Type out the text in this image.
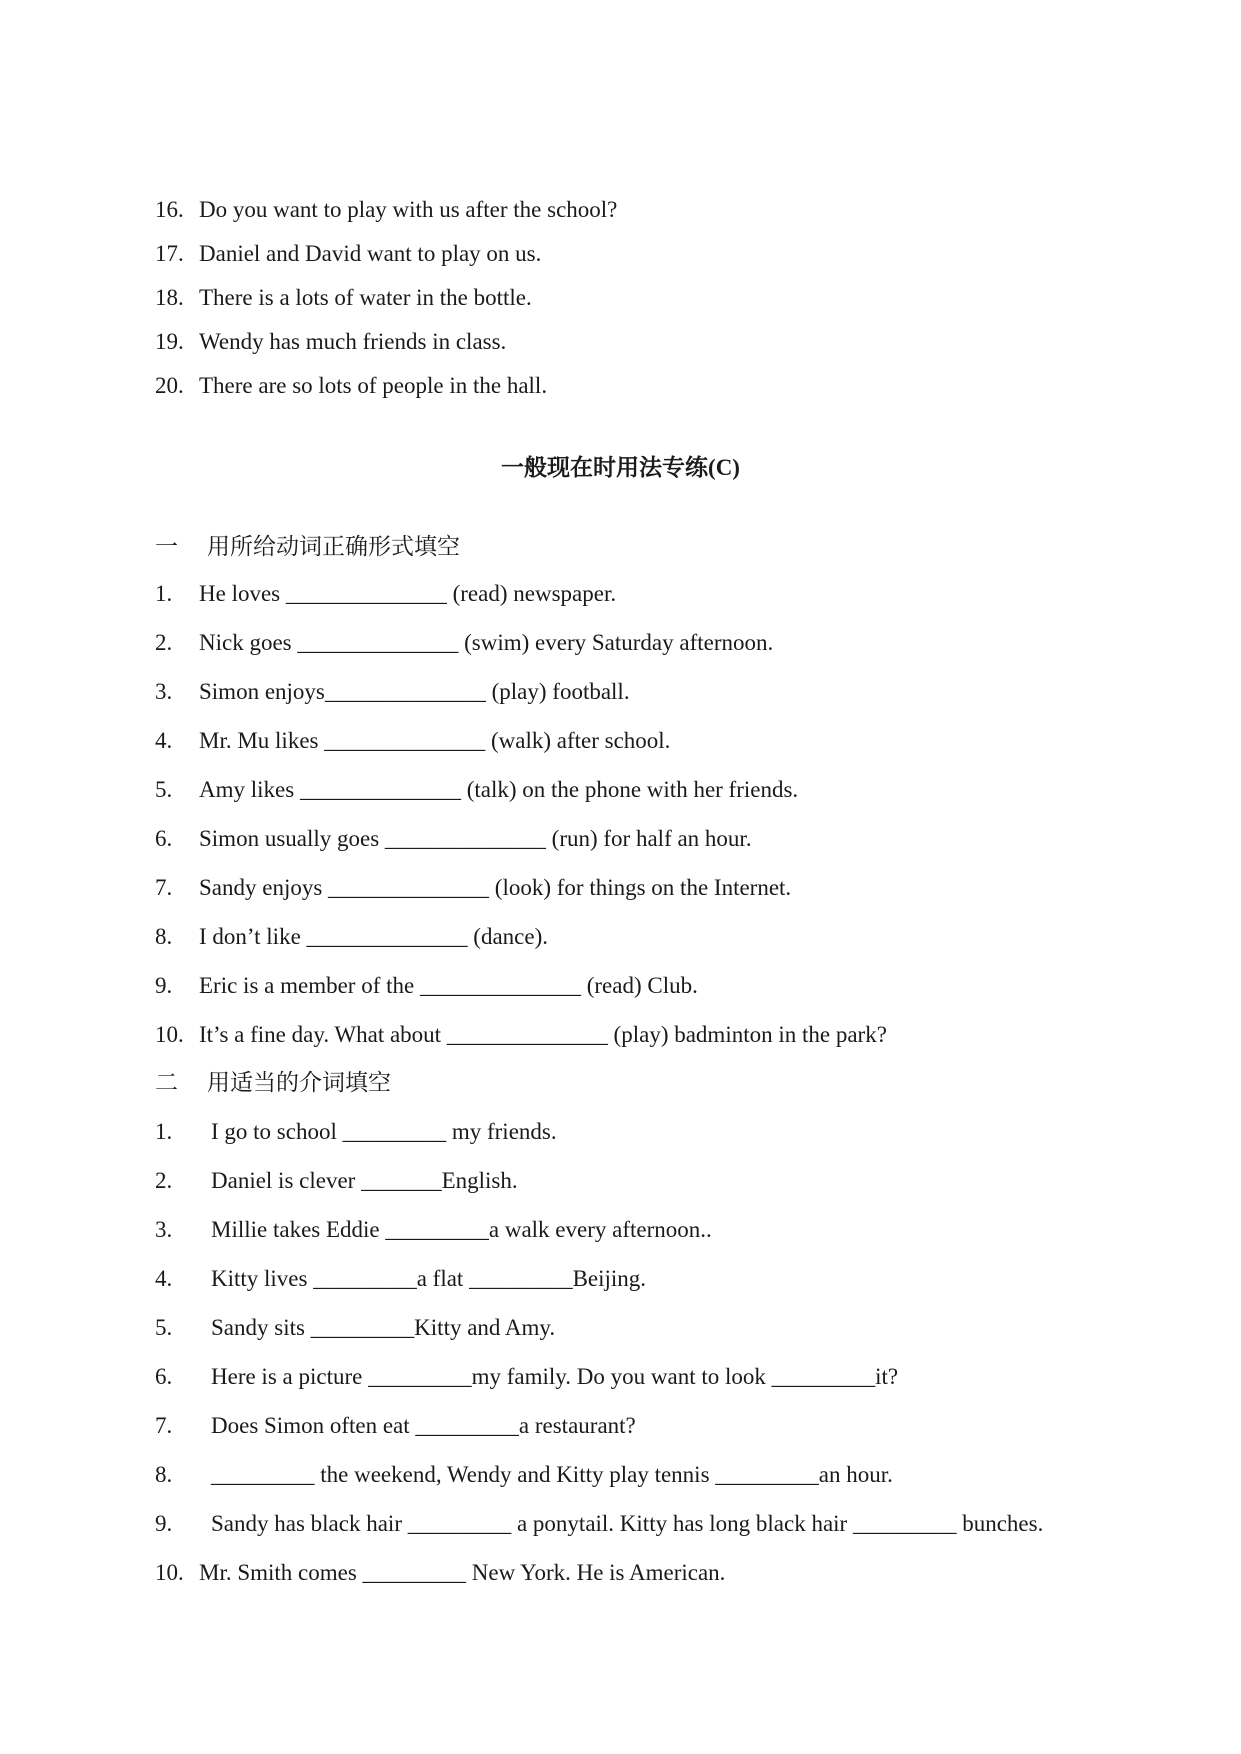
16. Do you want to play with us after the school?

17. Daniel and David want to play on us.

18. There is a lots of water in the bottle.

19. Wendy has much friends in class.

20. There are so lots of people in the hall.

一般现在时用法专练(C)

一 用所给动词正确形式填空

1. He loves ______________ (read) newspaper.

2. Nick goes ______________ (swim) every Saturday afternoon.

3. Simon enjoys______________ (play) football.

4. Mr. Mu likes ______________ (walk) after school.

5. Amy likes ______________ (talk) on the phone with her friends.

6. Simon usually goes ______________ (run) for half an hour.

7. Sandy enjoys ______________ (look) for things on the Internet.

8. I don’t like ______________ (dance).

9. Eric is a member of the ______________ (read) Club.

10. It’s a fine day. What about ______________ (play) badminton in the park?

二 用适当的介词填空

1. I go to school _________ my friends.

2. Daniel is clever _______English.

3. Millie takes Eddie _________a walk every afternoon..

4. Kitty lives _________a flat _________Beijing.

5. Sandy sits _________Kitty and Amy.

6. Here is a picture _________my family. Do you want to look _________it?

7. Does Simon often eat _________a restaurant?

8. _________ the weekend, Wendy and Kitty play tennis _________an hour.

9. Sandy has black hair _________ a ponytail. Kitty has long black hair _________ bunches.

10. Mr. Smith comes _________ New York. He is American.
